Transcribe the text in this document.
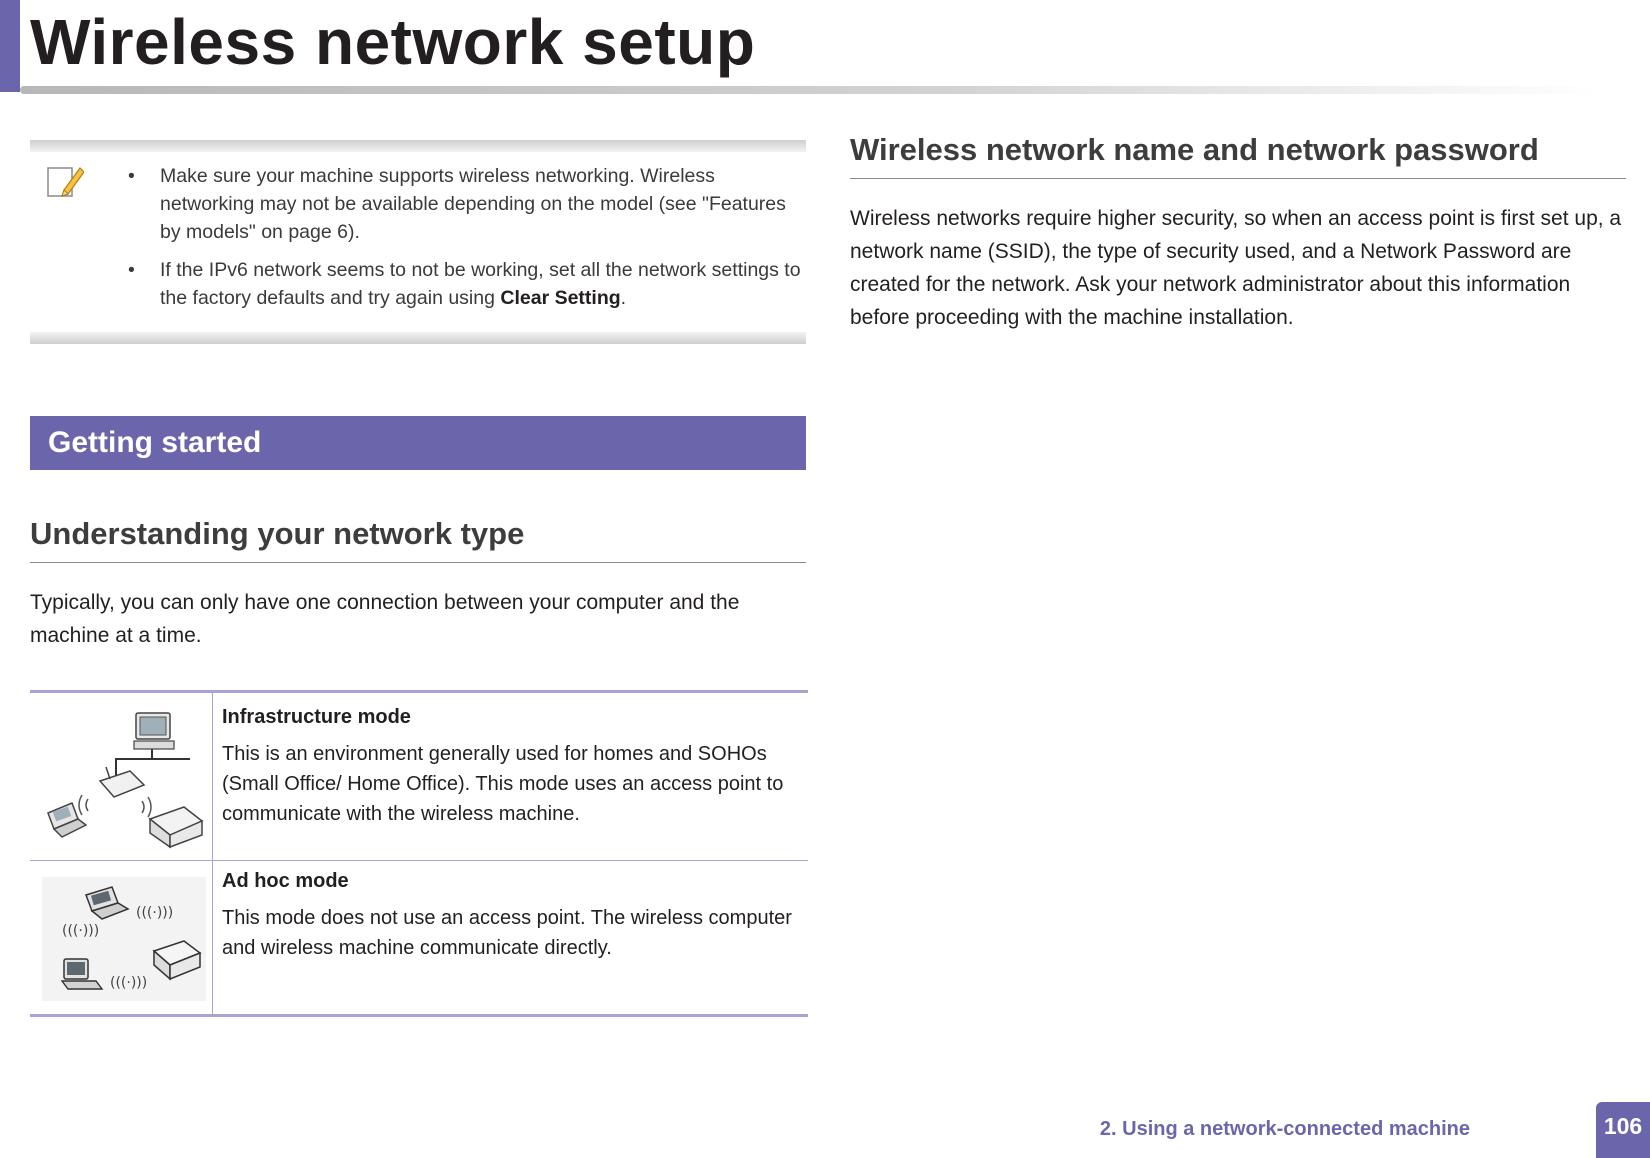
Wireless network setup
• Make sure your machine supports wireless networking. Wireless networking may not be available depending on the model (see "Features by models" on page 6).
• If the IPv6 network seems to not be working, set all the network settings to the factory defaults and try again using Clear Setting.
Getting started
Understanding your network type

Typically, you can only have one connection between your computer and the machine at a time.

Infrastructure mode

This is an environment generally used for homes and SOHOs (Small Office/ Home Office). This mode uses an access point to communicate with the wireless machine.

(((·)))
(((·)))
(((·)))

Ad hoc mode

This mode does not use an access point. The wireless computer and wireless machine communicate directly.

Wireless network name and network password

Wireless networks require higher security, so when an access point is first set up, a network name (SSID), the type of security used, and a Network Password are created for the network. Ask your network administrator about this information before proceeding with the machine installation.

2. Using a network-connected machine	106
